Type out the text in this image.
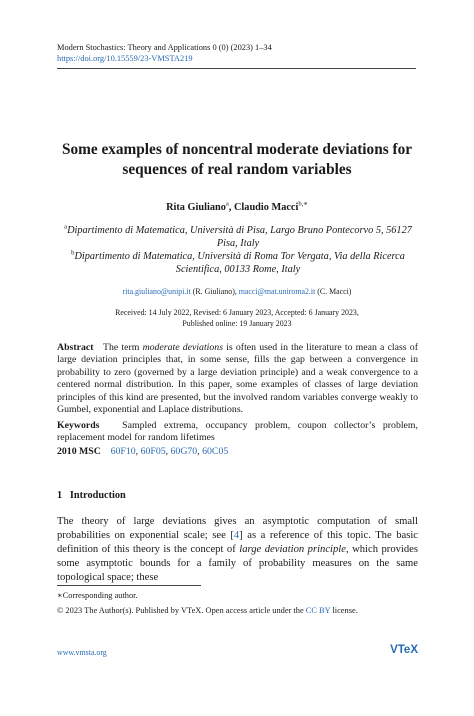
Modern Stochastics: Theory and Applications 0 (0) (2023) 1–34
https://doi.org/10.15559/23-VMSTA219
Some examples of noncentral moderate deviations for
sequences of real random variables
Rita Giuliano$^a$, Claudio Macci$^{b,∗}$
$^a$Dipartimento di Matematica, Università di Pisa, Largo Bruno Pontecorvo 5, 56127
Pisa, Italy
$^b$Dipartimento di Matematica, Università di Roma Tor Vergata, Via della Ricerca
Scientifica, 00133 Rome, Italy
rita.giuliano@unipi.it (R. Giuliano), macci@mat.uniroma2.it (C. Macci)
Received: 14 July 2022, Revised: 6 January 2023, Accepted: 6 January 2023,
Published online: 19 January 2023
Abstract The term moderate deviations is often used in the literature to mean a class of large deviation principles that, in some sense, fills the gap between a convergence in probability to zero (governed by a large deviation principle) and a weak convergence to a centered normal distribution. In this paper, some examples of classes of large deviation principles of this kind are presented, but the involved random variables converge weakly to Gumbel, exponential and Laplace distributions.
Keywords Sampled extrema, occupancy problem, coupon collector’s problem, replacement model for random lifetimes
2010 MSC 60F10, 60F05, 60G70, 60C05
1 Introduction
The theory of large deviations gives an asymptotic computation of small probabilities on exponential scale; see [4] as a reference of this topic. The basic definition of this theory is the concept of large deviation principle, which provides some asymptotic bounds for a family of probability measures on the same topological space; these
∗Corresponding author.
© 2023 The Author(s). Published by VTeX. Open access article under the CC BY license.
www.vmsta.org	VTeX
